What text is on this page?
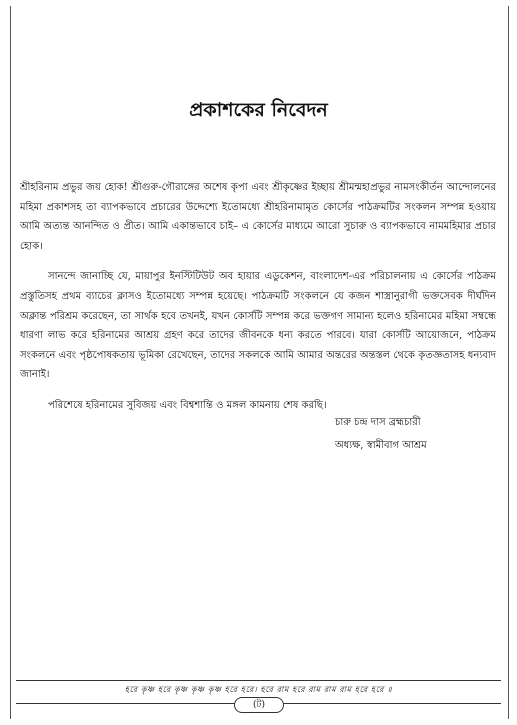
প্রকাশকের নিবেদন

শ্রীহরিনাম প্রভুর জয় হোক! শ্রীগুরু-গৌরাঙ্গের অশেষ কৃপা এবং শ্রীকৃষ্ণের ইচ্ছায় শ্রীমন্মহাপ্রভুর নামসংকীর্তন আন্দোলনের মহিমা প্রকাশসহ তা ব্যাপকভাবে প্রচারের উদ্দেশ্যে ইতোমধ্যে শ্রীহরিনামামৃত কোর্সের পাঠক্রমটির সংকলন সম্পন্ন হওয়ায় আমি অত্যন্ত আনন্দিত ও প্রীত। আমি একান্তভাবে চাই– এ কোর্সের মাধ্যমে আরো সুচারু ও ব্যাপকভাবে নামমহিমার প্রচার হোক।

সানন্দে জানাচ্ছি যে, মায়াপুর ইনস্টিটিউট অব হায়ার এডুকেশন, বাংলাদেশ-এর পরিচালনায় এ কোর্সের পাঠক্রম প্রস্তুতিসহ প্রথম ব্যাচের ক্লাসও ইতোমধ্যে সম্পন্ন হয়েছে। পাঠক্রমটি সংকলনে যে কজন শাস্ত্রানুরাগী ভক্তসেবক দীর্ঘদিন অক্লান্ত পরিশ্রম করেছেন, তা সার্থক হবে তখনই, যখন কোর্সটি সম্পন্ন করে ভক্তগণ সামান্য হলেও হরিনামের মহিমা সম্বন্ধে ধারণা লাভ করে হরিনামের আশ্রয় গ্রহণ করে তাদের জীবনকে ধন্য করতে পারবে। যারা কোর্সটি আয়োজনে, পাঠক্রম সংকলনে এবং পৃষ্ঠপোষকতায় ভূমিকা রেখেছেন, তাদের সকলকে আমি আমার অন্তরের অন্তস্তল থেকে কৃতজ্ঞতাসহ ধন্যবাদ জানাই।

পরিশেষে হরিনামের সুবিজয় এবং বিশ্বশান্তি ও মঙ্গল কামনায় শেষ করছি।

চারু চন্দ্র দাস ব্রহ্মচারী
অধ্যক্ষ, স্বামীবাগ আশ্রম
হরে কৃষ্ণ হরে কৃষ্ণ কৃষ্ণ কৃষ্ণ হরে হরে। হরে রাম হরে রাম রাম রাম হরে হরে ॥
(ট)
